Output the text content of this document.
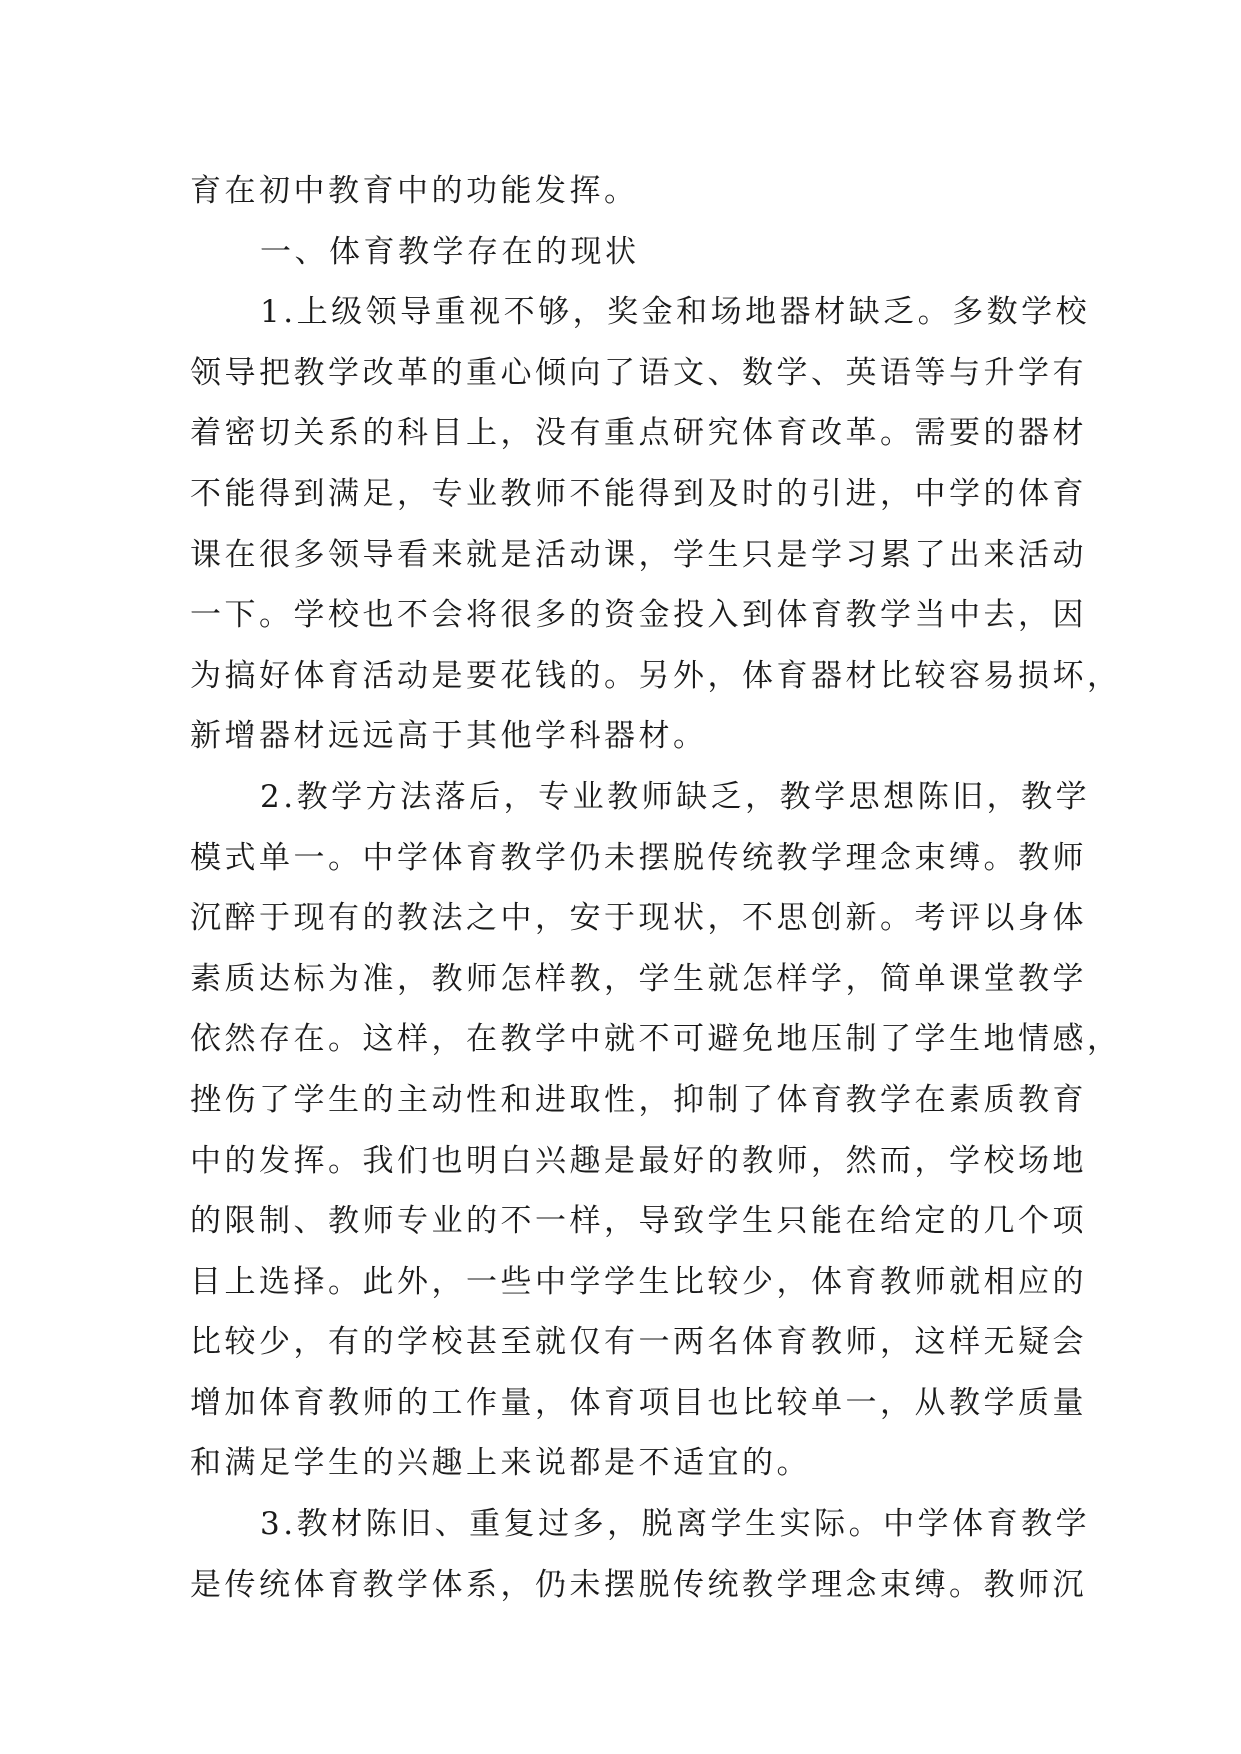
育在初中教育中的功能发挥。
一、体育教学存在的现状
1.上级领导重视不够，奖金和场地器材缺乏。多数学校
领导把教学改革的重心倾向了语文、数学、英语等与升学有
着密切关系的科目上，没有重点研究体育改革。需要的器材
不能得到满足，专业教师不能得到及时的引进，中学的体育
课在很多领导看来就是活动课，学生只是学习累了出来活动
一下。学校也不会将很多的资金投入到体育教学当中去，因
为搞好体育活动是要花钱的。另外，体育器材比较容易损坏，
新增器材远远高于其他学科器材。
2.教学方法落后，专业教师缺乏，教学思想陈旧，教学
模式单一。中学体育教学仍未摆脱传统教学理念束缚。教师
沉醉于现有的教法之中，安于现状，不思创新。考评以身体
素质达标为准，教师怎样教，学生就怎样学，简单课堂教学
依然存在。这样，在教学中就不可避免地压制了学生地情感，
挫伤了学生的主动性和进取性，抑制了体育教学在素质教育
中的发挥。我们也明白兴趣是最好的教师，然而，学校场地
的限制、教师专业的不一样，导致学生只能在给定的几个项
目上选择。此外，一些中学学生比较少，体育教师就相应的
比较少，有的学校甚至就仅有一两名体育教师，这样无疑会
增加体育教师的工作量，体育项目也比较单一，从教学质量
和满足学生的兴趣上来说都是不适宜的。
3.教材陈旧、重复过多，脱离学生实际。中学体育教学
是传统体育教学体系，仍未摆脱传统教学理念束缚。教师沉
